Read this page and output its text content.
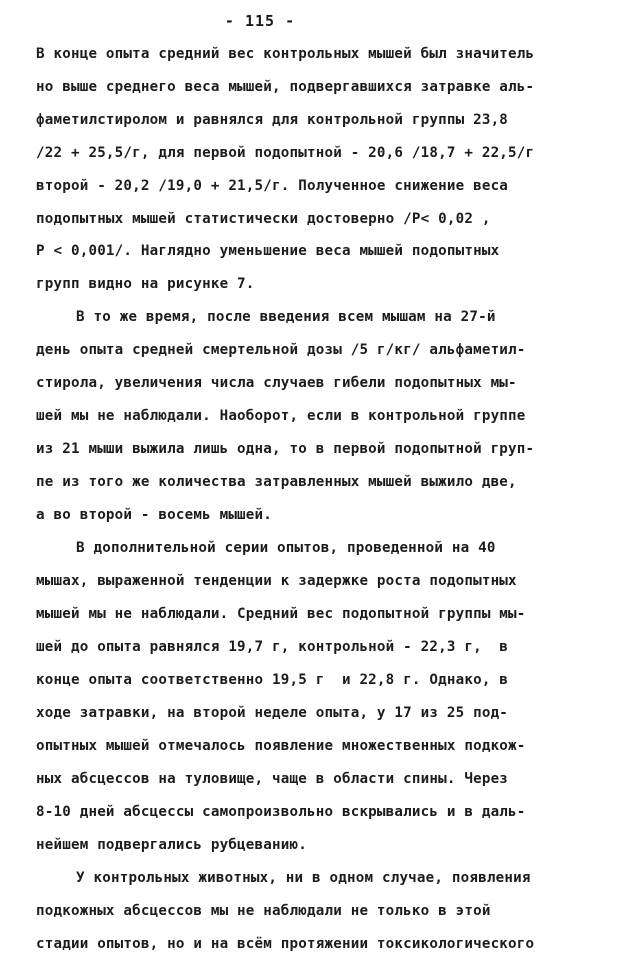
- 115 -
В конце опыта средний вес контрольных мышей был значитель
но выше среднего веса мышей, подвергавшихся затравке аль-
фаметилстиролом и равнялся для контрольной группы 23,8
/22 + 25,5/г, для первой подопытной - 20,6 /18,7 + 22,5/г
второй - 20,2 /19,0 + 21,5/г. Полученное снижение веса
подопытных мышей статистически достоверно /Р< 0,02 ,
Р < 0,001/. Наглядно уменьшение веса мышей подопытных
групп видно на рисунке 7.
В то же время, после введения всем мышам на 27-й
день опыта средней смертельной дозы /5 г/кг/ альфаметил-
стирола, увеличения числа случаев гибели подопытных мы-
шей мы не наблюдали. Наоборот, если в контрольной группе
из 21 мыши выжила лишь одна, то в первой подопытной груп-
пе из того же количества затравленных мышей выжило две,
а во второй - восемь мышей.
В дополнительной серии опытов, проведенной на 40
мышах, выраженной тенденции к задержке роста подопытных
мышей мы не наблюдали. Средний вес подопытной группы мы-
шей до опыта равнялся 19,7 г, контрольной - 22,3 г,  в
конце опыта соответственно 19,5 г  и 22,8 г. Однако, в
ходе затравки, на второй неделе опыта, у 17 из 25 под-
опытных мышей отмечалось появление множественных подкож-
ных абсцессов на туловище, чаще в области спины. Через
8-10 дней абсцессы самопроизвольно вскрывались и в даль-
нейшем подвергались рубцеванию.
У контрольных животных, ни в одном случае, появления
подкожных абсцессов мы не наблюдали не только в этой
стадии опытов, но и на всём протяжении токсикологического
